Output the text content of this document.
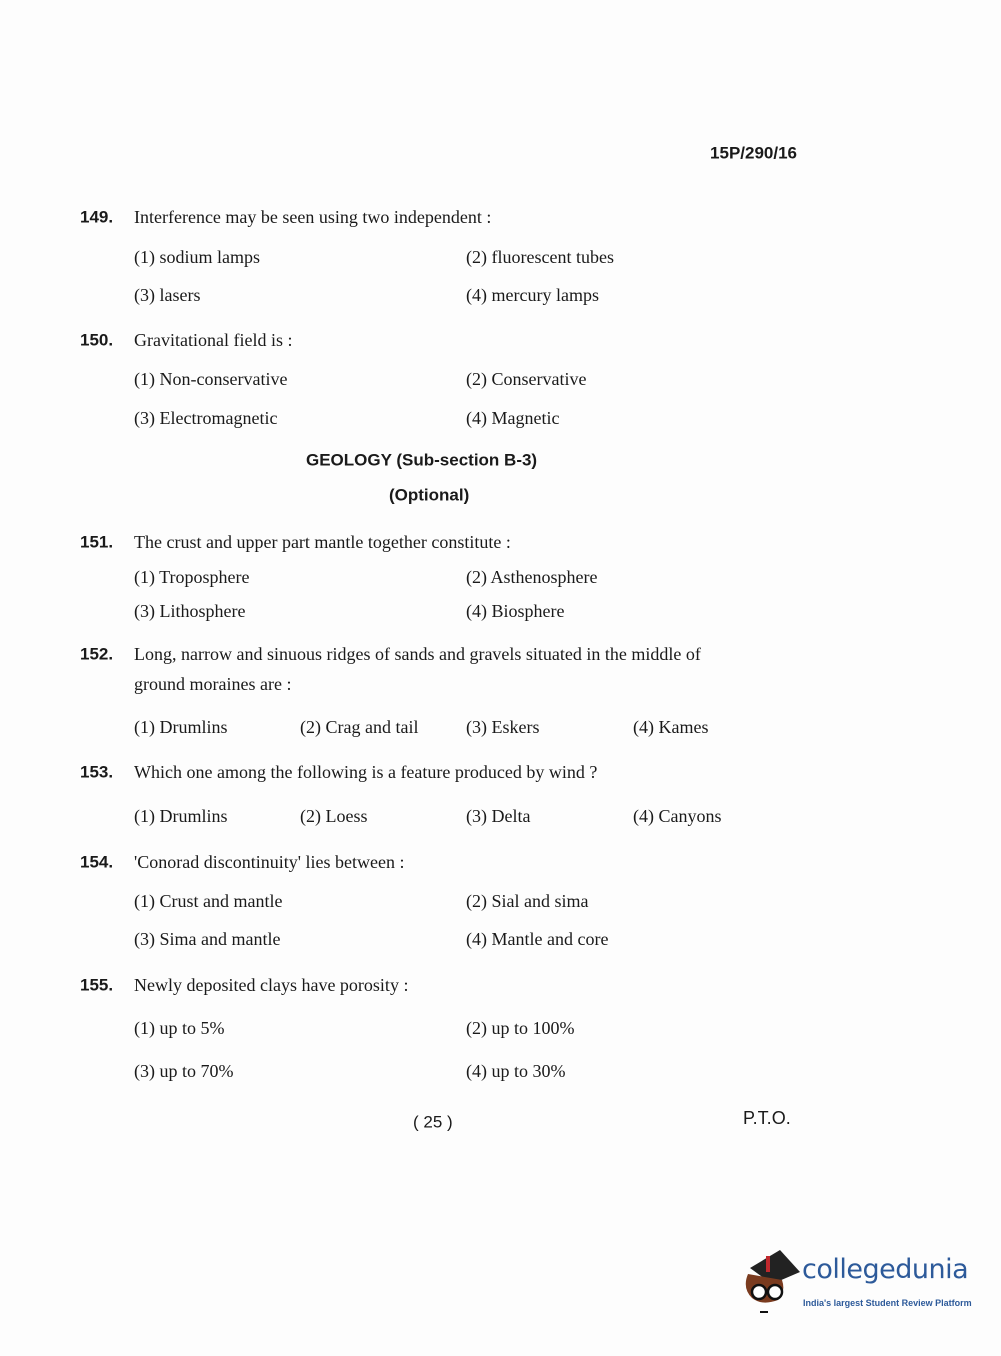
15P/290/16
GEOLOGY (Sub-section B-3)
(Optional)
149. Interference may be seen using two independent :
(1) sodium lamps	(2) fluorescent tubes
(3) lasers	(4) mercury lamps
150. Gravitational field is :
(1) Non-conservative	(2) Conservative
(3) Electromagnetic	(4) Magnetic
151. The crust and upper part mantle together constitute :
(1) Troposphere	(2) Asthenosphere
(3) Lithosphere	(4) Biosphere
152. Long, narrow and sinuous ridges of sands and gravels situated in the middle of
ground moraines are :
(1) Drumlins	(2) Crag and tail	(3) Eskers	(4) Kames
153. Which one among the following is a feature produced by wind ?
(1) Drumlins	(2) Loess	(3) Delta	(4) Canyons
154. 'Conorad discontinuity' lies between :
(1) Crust and mantle	(2) Sial and sima
(3) Sima and mantle	(4) Mantle and core
155. Newly deposited clays have porosity :
(1) up to 5%	(2) up to 100%
(3) up to 70%	(4) up to 30%
( 25 )	P.T.O.
collegedunia
India's largest Student Review Platform
